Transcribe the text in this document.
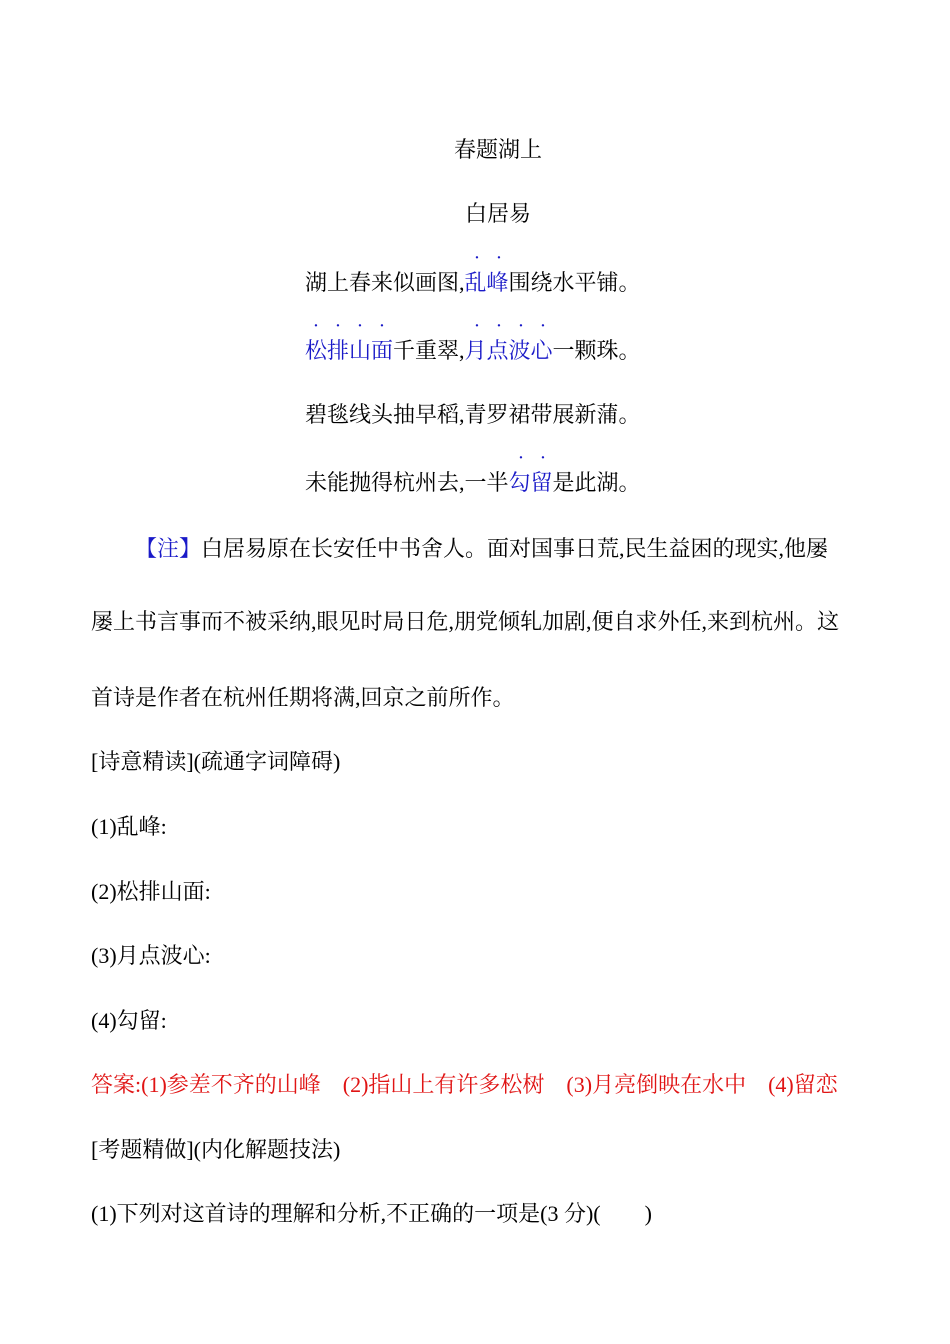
春题湖上
白居易
· ·
湖上春来似画图,乱峰围绕水平铺。
· · · ·	· · · ·
松排山面千重翠,月点波心一颗珠。
碧毯线头抽早稻,青罗裙带展新蒲。
· ·
未能抛得杭州去,一半勾留是此湖。
【注】白居易原在长安任中书舍人。面对国事日荒,民生益困的现实,他屡
屡上书言事而不被采纳,眼见时局日危,朋党倾轧加剧,便自求外任,来到杭州。这
首诗是作者在杭州任期将满,回京之前所作。
[诗意精读](疏通字词障碍)
(1)乱峰:
(2)松排山面:
(3)月点波心:
(4)勾留:
答案:(1)参差不齐的山峰　(2)指山上有许多松树　(3)月亮倒映在水中　(4)留恋
[考题精做](内化解题技法)
(1)下列对这首诗的理解和分析,不正确的一项是(3 分)(　　)
